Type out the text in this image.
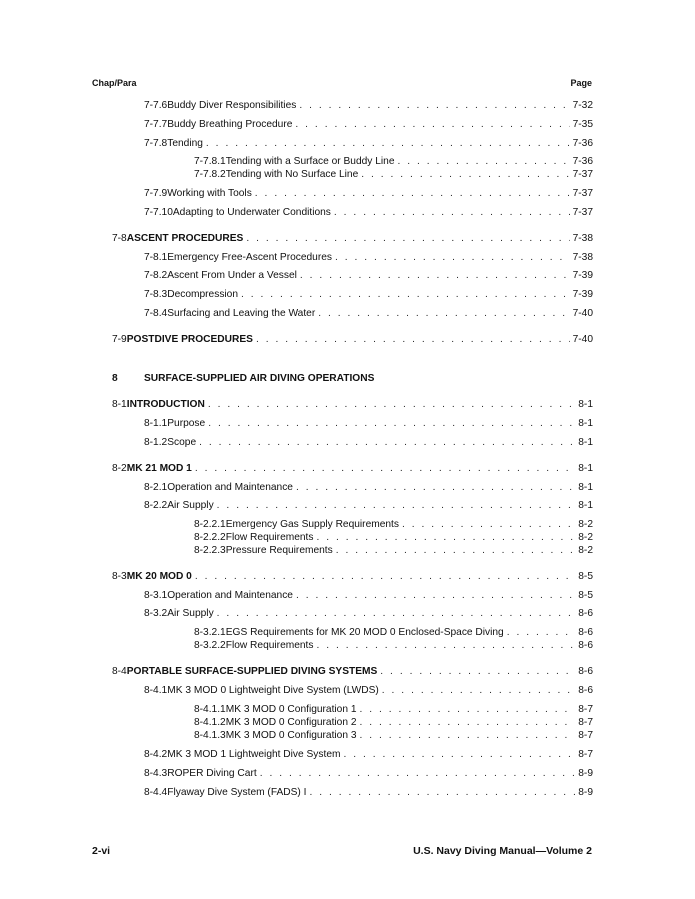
Chap/Para	Page
7-7.6 Buddy Diver Responsibilities . . .	7-32
7-7.7 Buddy Breathing Procedure . . .	7-35
7-7.8 Tending . . .	7-36
7-7.8.1 Tending with a Surface or Buddy Line . . .	7-36
7-7.8.2 Tending with No Surface Line . . .	7-37
7-7.9 Working with Tools . . .	7-37
7-7.10 Adapting to Underwater Conditions . . .	7-37
7-8 ASCENT PROCEDURES . . .	7-38
7-8.1 Emergency Free-Ascent Procedures . . .	7-38
7-8.2 Ascent From Under a Vessel . . .	7-39
7-8.3 Decompression . . .	7-39
7-8.4 Surfacing and Leaving the Water . . .	7-40
7-9 POSTDIVE PROCEDURES . . .	7-40
8	SURFACE-SUPPLIED AIR DIVING OPERATIONS
8-1 INTRODUCTION . . .	8-1
8-1.1 Purpose . . .	8-1
8-1.2 Scope . . .	8-1
8-2 MK 21 MOD 1 . . .	8-1
8-2.1 Operation and Maintenance . . .	8-1
8-2.2 Air Supply . . .	8-1
8-2.2.1 Emergency Gas Supply Requirements . . .	8-2
8-2.2.2 Flow Requirements . . .	8-2
8-2.2.3 Pressure Requirements . . .	8-2
8-3 MK 20 MOD 0 . . .	8-5
8-3.1 Operation and Maintenance . . .	8-5
8-3.2 Air Supply . . .	8-6
8-3.2.1 EGS Requirements for MK 20 MOD 0 Enclosed-Space Diving . . .	8-6
8-3.2.2 Flow Requirements . . .	8-6
8-4 PORTABLE SURFACE-SUPPLIED DIVING SYSTEMS . . .	8-6
8-4.1 MK 3 MOD 0 Lightweight Dive System (LWDS) . . .	8-6
8-4.1.1 MK 3 MOD 0 Configuration 1 . . .	8-7
8-4.1.2 MK 3 MOD 0 Configuration 2 . . .	8-7
8-4.1.3 MK 3 MOD 0 Configuration 3 . . .	8-7
8-4.2 MK 3 MOD 1 Lightweight Dive System . . .	8-7
8-4.3 ROPER Diving Cart . . .	8-9
8-4.4 Flyaway Dive System (FADS) I . . .	8-9
2-vi	U.S. Navy Diving Manual—Volume 2
